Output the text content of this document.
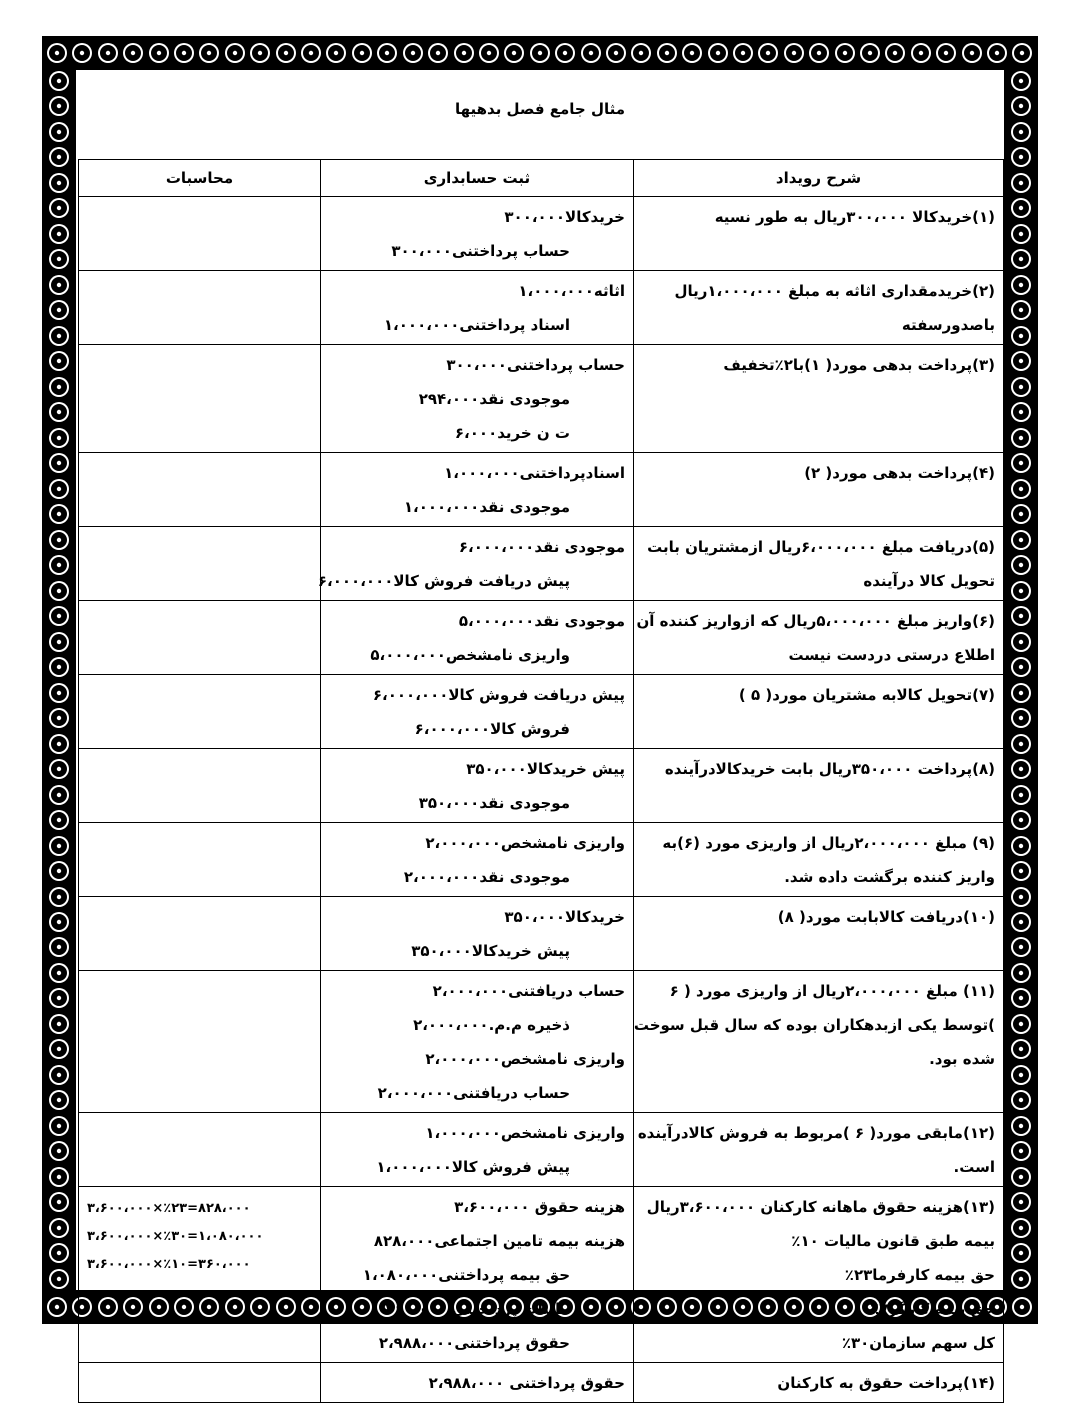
مثال جامع فصل بدهیها
شرح رویداد	ثبت حسابداری	محاسبات

(۱)خریدکالا ۳۰۰،۰۰۰ریال به طور نسیه	خریدکالا۳۰۰،۰۰۰
حساب پرداختنی۳۰۰،۰۰۰	

(۲)خریدمقداری اثاثه به مبلغ ۱،۰۰۰،۰۰۰ریال
باصدورسفته	اثاثه۱،۰۰۰،۰۰۰
اسناد پرداختنی۱،۰۰۰،۰۰۰	

(۳)پرداخت بدهی مورد( ۱)با۲٪تخفیف	حساب پرداختنی۳۰۰،۰۰۰
موجودی نقد۲۹۴،۰۰۰
ت ن خرید۶،۰۰۰	

(۴)پرداخت بدهی مورد( ۲)	اسنادپرداختنی۱،۰۰۰،۰۰۰
موجودی نقد۱،۰۰۰،۰۰۰	

(۵)دریافت مبلغ ۶،۰۰۰،۰۰۰ریال ازمشتریان بابت
تحویل کالا درآینده	موجودی نقد۶،۰۰۰،۰۰۰
پیش دریافت فروش کالا۶،۰۰۰،۰۰۰	

(۶)واریز مبلغ ۵،۰۰۰،۰۰۰ریال که ازواریز کننده آن
اطلاع درستی دردست نیست	موجودی نقد۵،۰۰۰،۰۰۰
واریزی نامشخص۵،۰۰۰،۰۰۰	

(۷)تحویل کالابه مشتریان مورد( ۵ )	پیش دریافت فروش کالا۶،۰۰۰،۰۰۰
فروش کالا۶،۰۰۰،۰۰۰	

(۸)پرداخت ۳۵۰،۰۰۰ریال بابت خریدکالادرآینده	پیش خریدکالا۳۵۰،۰۰۰
موجودی نقد۳۵۰،۰۰۰	

(۹) مبلغ ۲،۰۰۰،۰۰۰ریال از واریزی مورد (۶)به
واریز کننده برگشت داده شد.	واریزی نامشخص۲،۰۰۰،۰۰۰
موجودی نقد۲،۰۰۰،۰۰۰	

(۱۰)دریافت کالابابت مورد( ۸)	خریدکالا۳۵۰،۰۰۰
پیش خریدکالا۳۵۰،۰۰۰	

(۱۱) مبلغ ۲،۰۰۰،۰۰۰ریال از واریزی مورد ( ۶
)توسط یکی ازبدهکاران بوده که سال قبل سوخت
شده بود.	حساب دریافتنی۲،۰۰۰،۰۰۰
ذخیره م.م.۲،۰۰۰،۰۰۰
واریزی نامشخص۲،۰۰۰،۰۰۰
حساب دریافتنی۲،۰۰۰،۰۰۰	

(۱۲)مابقی مورد( ۶ )مربوط به فروش کالادرآینده
است.	واریزی نامشخص۱،۰۰۰،۰۰۰
پیش فروش کالا۱،۰۰۰،۰۰۰	

(۱۳)هزینه حقوق ماهانه کارکنان ۳،۶۰۰،۰۰۰ریال
بیمه طبق قانون مالیات ۱۰٪
حق بیمه کارفرما۲۳٪
حق بیمه کارگر۷٪
کل سهم سازمان۳۰٪	هزینه حقوق ۳،۶۰۰،۰۰۰
هزینه بیمه تامین اجتماعی۸۲۸،۰۰۰
حق بیمه پرداختنی۱،۰۸۰،۰۰۰
مالیات پرداختنی ۳۶۰،۰۰۰
حقوق پرداختنی۲،۹۸۸،۰۰۰	۳،۶۰۰،۰۰۰×٪۲۳=۸۲۸،۰۰۰
۳،۶۰۰،۰۰۰×٪۳۰=۱،۰۸۰،۰۰۰
۳،۶۰۰،۰۰۰×٪۱۰=۳۶۰،۰۰۰

(۱۴)پرداخت حقوق به کارکنان	حقوق پرداختنی ۲،۹۸۸،۰۰۰	
